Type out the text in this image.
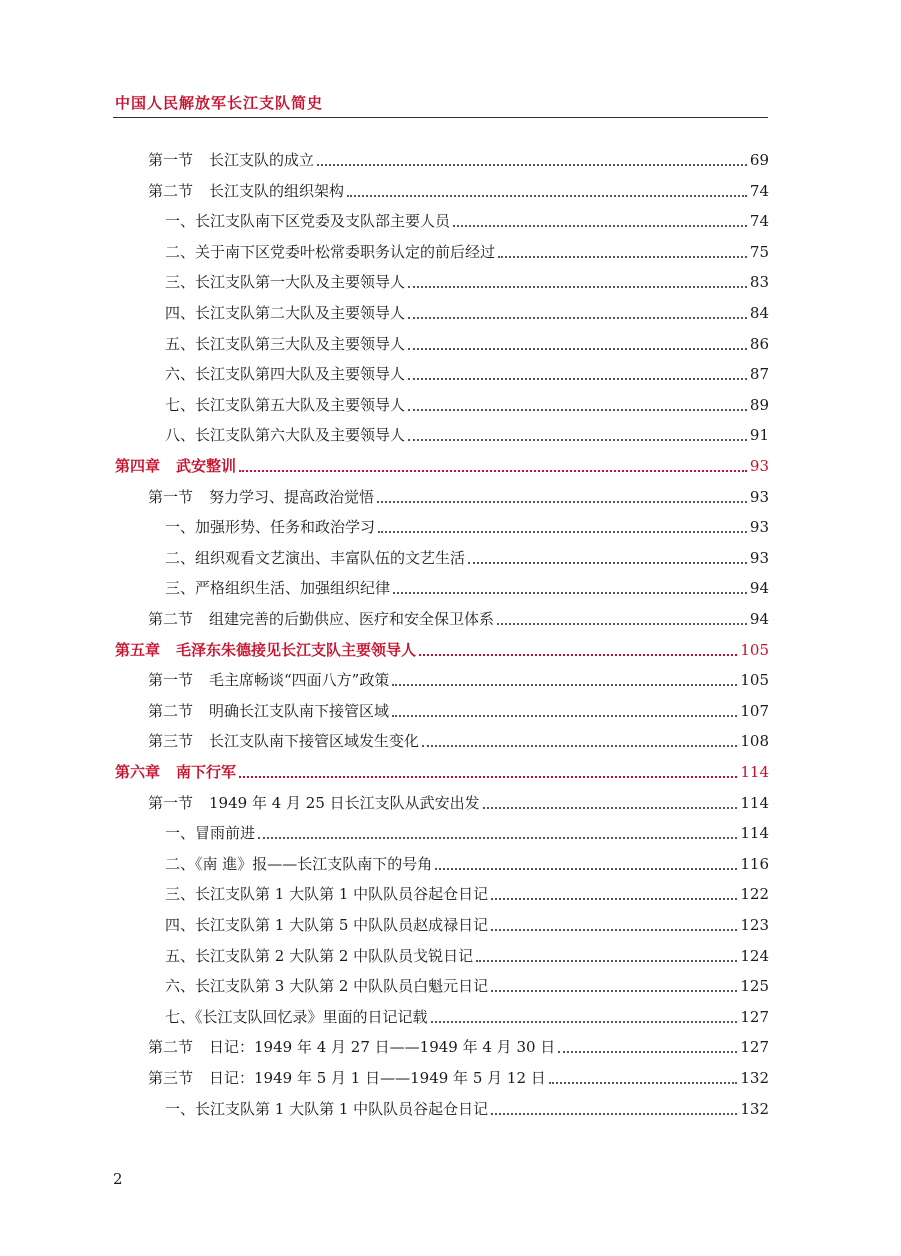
中国人民解放军长江支队简史
第一节 长江支队的成立	69
第二节 长江支队的组织架构	74
一、长江支队南下区党委及支队部主要人员	74
二、关于南下区党委叶松常委职务认定的前后经过	75
三、长江支队第一大队及主要领导人	83
四、长江支队第二大队及主要领导人	84
五、长江支队第三大队及主要领导人	86
六、长江支队第四大队及主要领导人	87
七、长江支队第五大队及主要领导人	89
八、长江支队第六大队及主要领导人	91
第四章 武安整训	93
第一节 努力学习、提高政治觉悟	93
一、加强形势、任务和政治学习	93
二、组织观看文艺演出、丰富队伍的文艺生活	93
三、严格组织生活、加强组织纪律	94
第二节 组建完善的后勤供应、医疗和安全保卫体系	94
第五章 毛泽东朱德接见长江支队主要领导人	105
第一节 毛主席畅谈“四面八方”政策	105
第二节 明确长江支队南下接管区域	107
第三节 长江支队南下接管区域发生变化	108
第六章 南下行军	114
第一节 1949 年 4 月 25 日长江支队从武安出发	114
一、冒雨前进	114
二、《南 進》报——长江支队南下的号角	116
三、长江支队第 1 大队第 1 中队队员谷起仓日记	122
四、长江支队第 1 大队第 5 中队队员赵成禄日记	123
五、长江支队第 2 大队第 2 中队队员戈锐日记	124
六、长江支队第 3 大队第 2 中队队员白魁元日记	125
七、《长江支队回忆录》里面的日记记载	127
第二节 日记：1949 年 4 月 27 日——1949 年 4 月 30 日	127
第三节 日记：1949 年 5 月 1 日——1949 年 5 月 12 日	132
一、长江支队第 1 大队第 1 中队队员谷起仓日记	132
2
